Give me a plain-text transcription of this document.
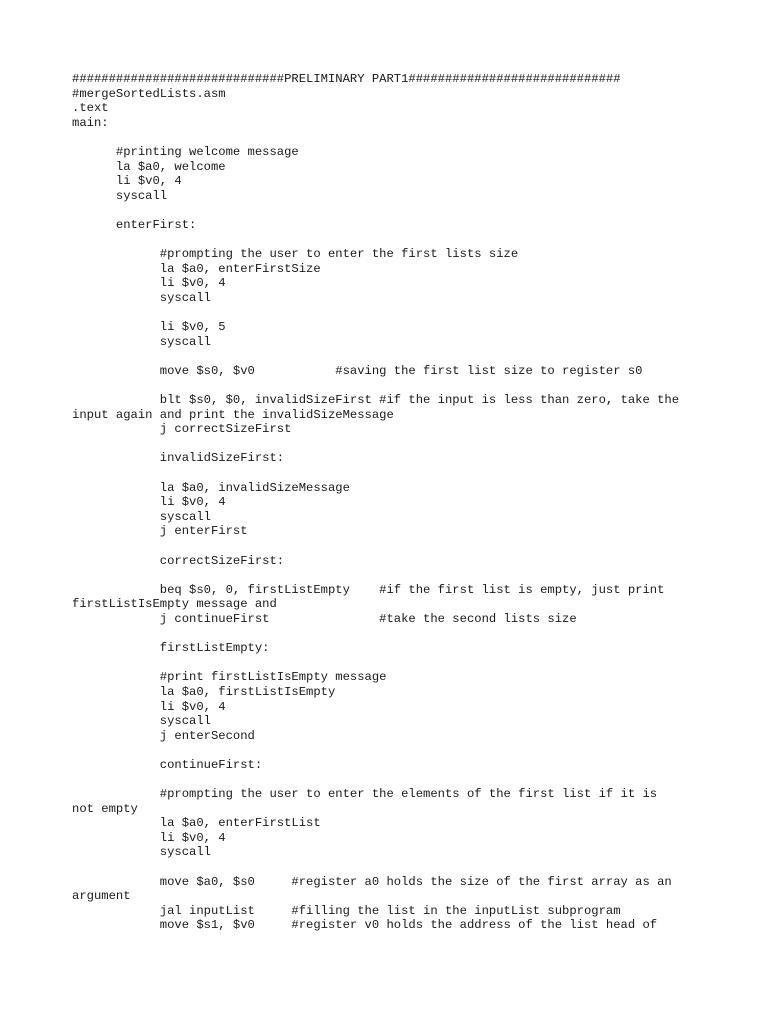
#############################PRELIMINARY PART1#############################
#mergeSortedLists.asm
.text
main:
#printing welcome message
la $a0, welcome
li $v0, 4
syscall
enterFirst:
#prompting the user to enter the first lists size
la $a0, enterFirstSize
li $v0, 4
syscall
li $v0, 5
syscall
move $s0, $v0           #saving the first list size to register s0
blt $s0, $0, invalidSizeFirst #if the input is less than zero, take the
input again and print the invalidSizeMessage
j correctSizeFirst
invalidSizeFirst:
la $a0, invalidSizeMessage
li $v0, 4
syscall
j enterFirst
correctSizeFirst:
beq $s0, 0, firstListEmpty    #if the first list is empty, just print
firstListIsEmpty message and
j continueFirst               #take the second lists size
firstListEmpty:
#print firstListIsEmpty message
la $a0, firstListIsEmpty
li $v0, 4
syscall
j enterSecond
continueFirst:
#prompting the user to enter the elements of the first list if it is
not empty
la $a0, enterFirstList
li $v0, 4
syscall
move $a0, $s0     #register a0 holds the size of the first array as an
argument
jal inputList     #filling the list in the inputList subprogram
move $s1, $v0     #register v0 holds the address of the list head of
